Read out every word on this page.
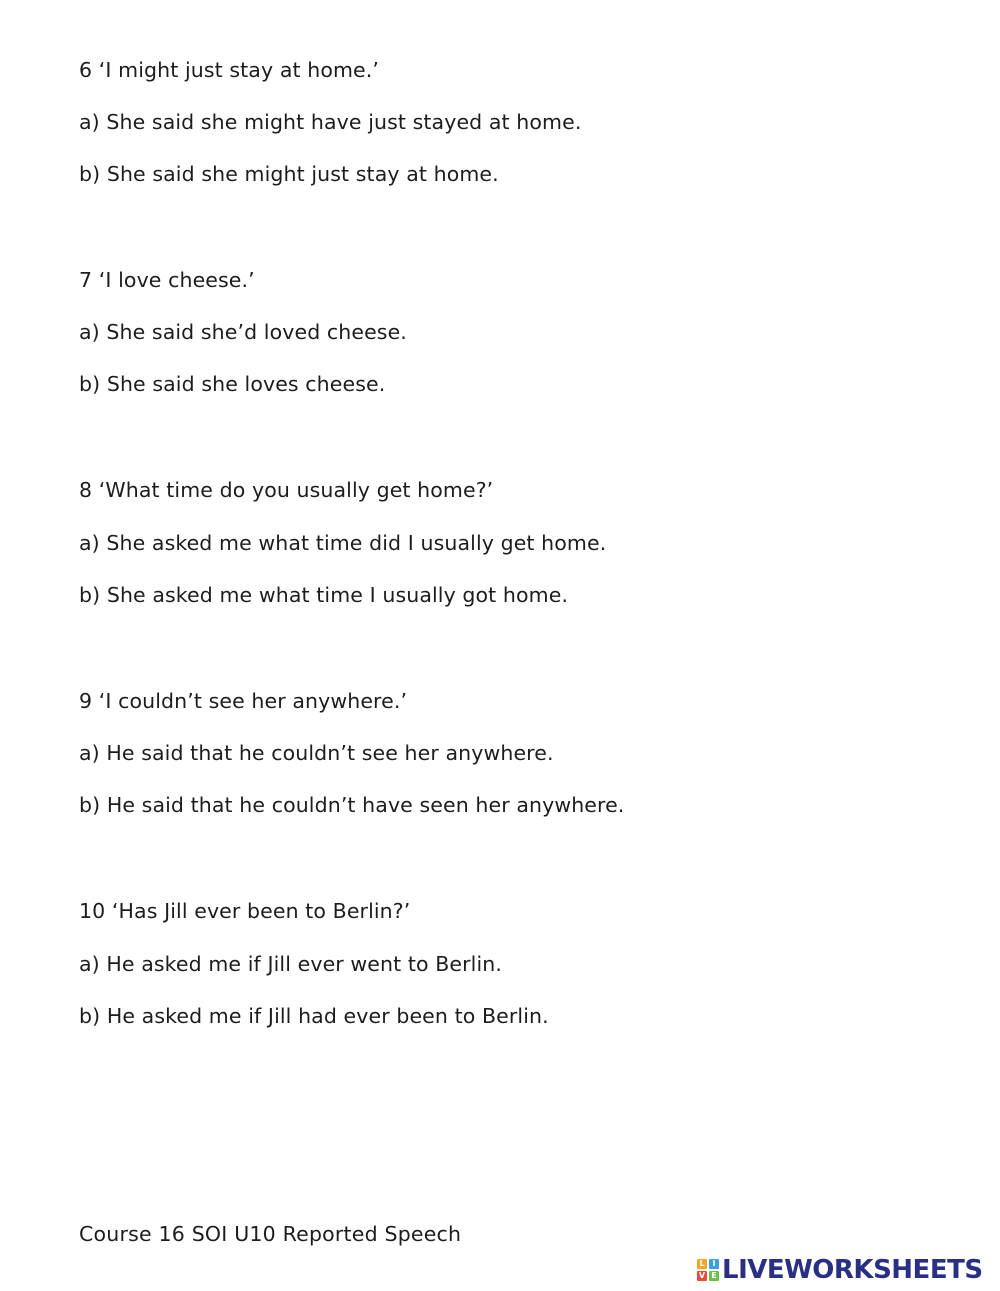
6 ‘I might just stay at home.’
a) She said she might have just stayed at home.
b) She said she might just stay at home.
7 ‘I love cheese.’
a) She said she’d loved cheese.
b) She said she loves cheese.
8 ‘What time do you usually get home?’
a) She asked me what time did I usually get home.
b) She asked me what time I usually got home.
9 ‘I couldn’t see her anywhere.’
a) He said that he couldn’t see her anywhere.
b) He said that he couldn’t have seen her anywhere.
10 ‘Has Jill ever been to Berlin?’
a) He asked me if Jill ever went to Berlin.
b) He asked me if Jill had ever been to Berlin.
Course 16 SOI U10 Reported Speech
L I
V E LIVEWORKSHEETS
